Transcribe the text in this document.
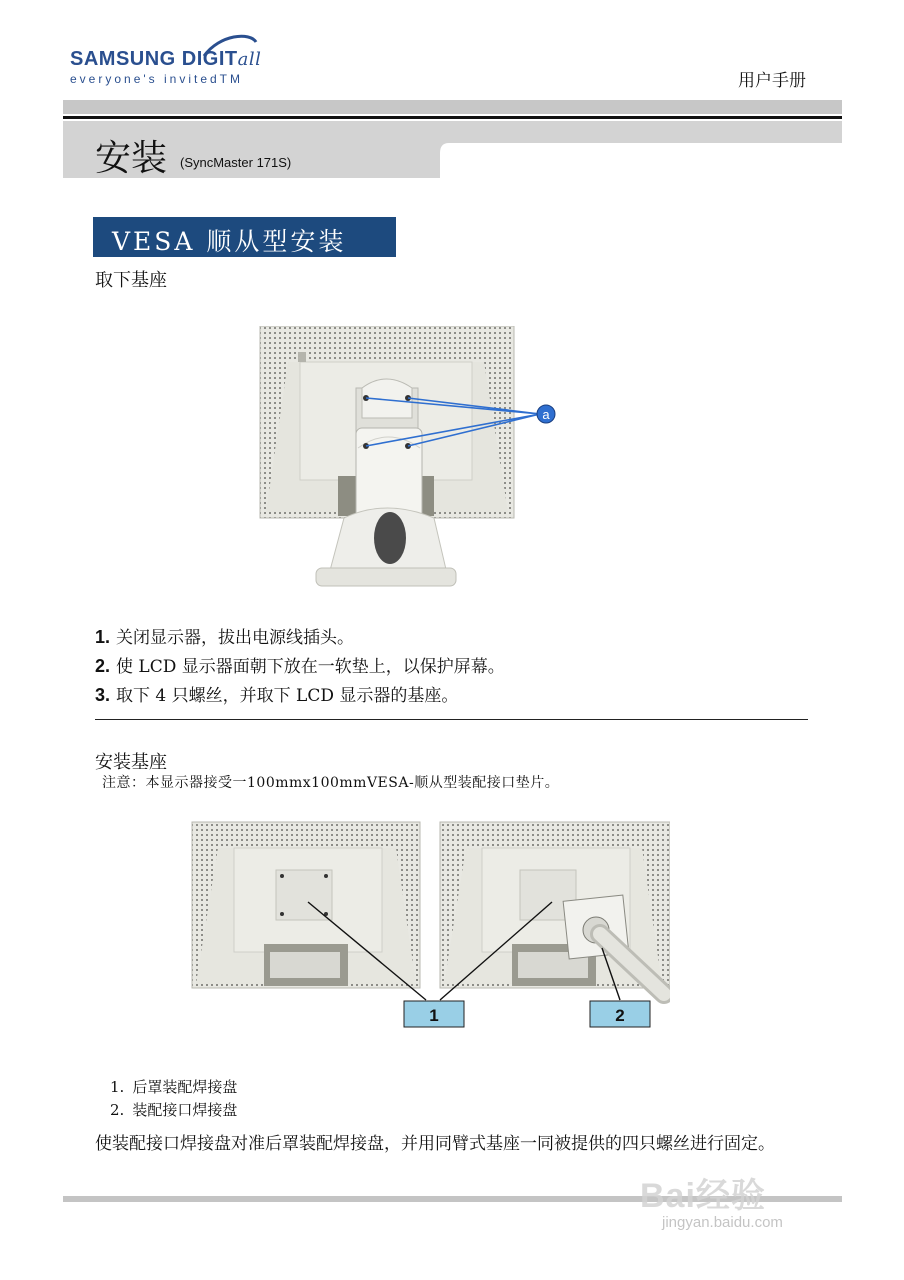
SAMSUNG DIGITall
everyone's invitedTM	用户手册
安装 (SyncMaster 171S)
VESA 顺从型安装
取下基座
a
1. 关闭显示器，拔出电源线插头。
2. 使 LCD 显示器面朝下放在一软垫上，以保护屏幕。
3. 取下 4 只螺丝，并取下 LCD 显示器的基座。
安装基座
注意：本显示器接受一100mmx100mmVESA-顺从型装配接口垫片。
1	2
1. 后罩装配焊接盘
2. 装配接口焊接盘
使装配接口焊接盘对准后罩装配焊接盘，并用同臂式基座一同被提供的四只螺丝进行固定。
Bai经验
jingyan.baidu.com
